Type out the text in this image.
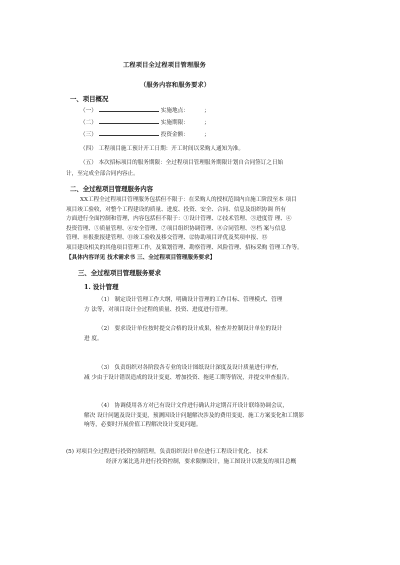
工程项目全过程项目管理服务
（服务内容和服务要求）
一、项目概况
（一）	实施地点：	；
（二）	实施期限：	；
（三）	投资金额：	；
（四） 工程项目施工预计开工日期：开工时间以采购人通知为准。
（五） 本次招标项目的服务期限：全过程项目管理服务期限计划自合同签订之日始
计，至完成全部合同内容止。
二、全过程项目管理服务内容
XX工程全过程项目管理服务包括但不限于：在采购人的授权范围内自施工阶段至本 项目
项目竣工验收，对整个工程建设的质量、进度、投资、安全、合同、信息及组织协调 所有
方面进行全面控制和管理，内容包括但不限于：①设计管理、②技术管理、③进度管 理、④
投资管理、⑤质量管理、⑥安全管理、⑦项目组织协调管理、⑧合同管理、⑨档 案与信息
管理、⑩报批报建管理、⑪竣工验收及移交管理、⑫协助项目评优及奖项申报、⑬
项目建设相关的其他项目管理工作，及策划管理、勘察管理、风险管理、招标采购 管理工作等。
【具体内容详见 技术需求书 三、全过程项目管理服务要求】
三、全过程项目管理服务要求
1. 设计管理
（1） 制定设计管理工作大纲，明确设计管理的工作目标、管理模式、管理
方 法等，对项目设计全过程的质量、投资、进度进行管理。
（2） 要求设计单位按时提交合格的设计成果，检查并控制设计单位的设计
进 度。
（3） 负责组织对各阶段各专业的设计图纸设计深度及设计质量进行审查，
减 少由于设计错误造成的设计变更、增加投资、拖延工期等情况，并提交审查报告。
（4） 协调使用各方对已有设计文件进行确认并定期召开设计联络协调会议，
解决 设计问题及设计变更，预测因设计问题解决涉及的费用变更、施工方案变化和工期影
响等，必要时开展价值工程解决设计变更问题。
(5) 对项目全过程进行投资控制管理，负责组织设计单位进行工程设计优化、 技术
经济方案比选并进行投资控制，要求限额设计，施工图设计以批复的项目总概
